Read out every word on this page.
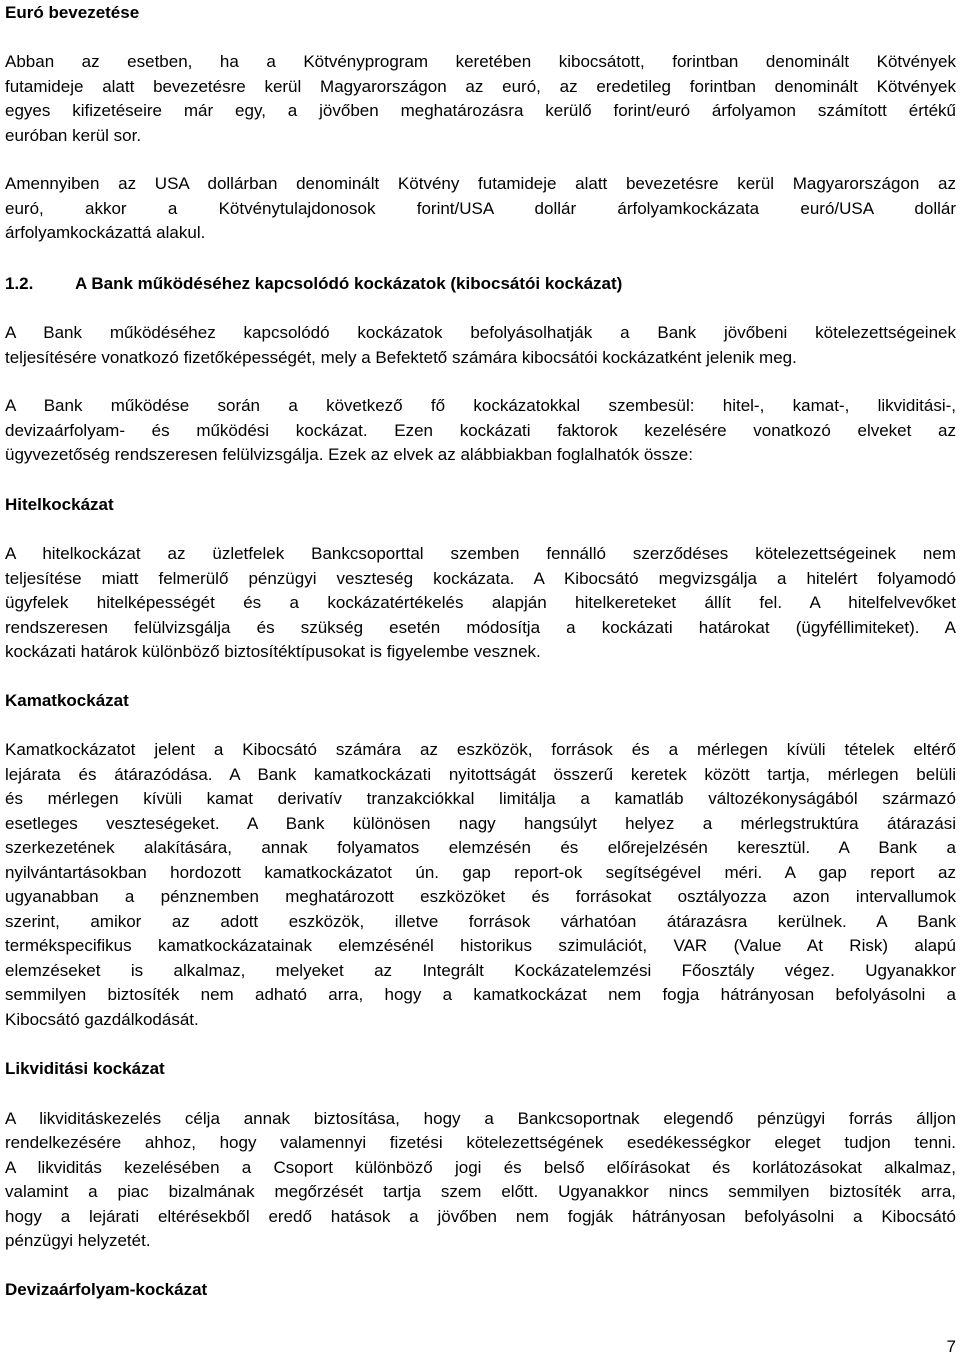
Euró bevezetése

Abban az esetben, ha a Kötvényprogram keretében kibocsátott, forintban denominált Kötvények

futamideje alatt bevezetésre kerül Magyarországon az euró, az eredetileg forintban denominált Kötvények

egyes kifizetéseire már egy, a jövőben meghatározásra kerülő forint/euró árfolyamon számított értékű

euróban kerül sor.

Amennyiben az USA dollárban denominált Kötvény futamideje alatt bevezetésre kerül Magyarországon az

euró, akkor a Kötvénytulajdonosok forint/USA dollár árfolyamkockázata euró/USA dollár

árfolyamkockázattá alakul.

1.2.	A Bank működéséhez kapcsolódó kockázatok (kibocsátói kockázat)

A Bank működéséhez kapcsolódó kockázatok befolyásolhatják a Bank jövőbeni kötelezettségeinek

teljesítésére vonatkozó fizetőképességét, mely a Befektető számára kibocsátói kockázatként jelenik meg.

A Bank működése során a következő fő kockázatokkal szembesül: hitel-, kamat-, likviditási-,

devizaárfolyam- és működési kockázat. Ezen kockázati faktorok kezelésére vonatkozó elveket az

ügyvezetőség rendszeresen felülvizsgálja. Ezek az elvek az alábbiakban foglalhatók össze:

Hitelkockázat

A hitelkockázat az üzletfelek Bankcsoporttal szemben fennálló szerződéses kötelezettségeinek nem

teljesítése miatt felmerülő pénzügyi veszteség kockázata. A Kibocsátó megvizsgálja a hitelért folyamodó

ügyfelek hitelképességét és a kockázatértékelés alapján hitelkereteket állít fel. A hitelfelvevőket

rendszeresen felülvizsgálja és szükség esetén módosítja a kockázati határokat (ügyféllimiteket). A

kockázati határok különböző biztosítéktípusokat is figyelembe vesznek.

Kamatkockázat

Kamatkockázatot jelent a Kibocsátó számára az eszközök, források és a mérlegen kívüli tételek eltérő

lejárata és átárazódása. A Bank kamatkockázati nyitottságát összerű keretek között tartja, mérlegen belüli

és mérlegen kívüli kamat derivatív tranzakciókkal limitálja a kamatláb változékonyságából származó

esetleges veszteségeket. A Bank különösen nagy hangsúlyt helyez a mérlegstruktúra átárazási

szerkezetének alakítására, annak folyamatos elemzésén és előrejelzésén keresztül. A Bank a

nyilvántartásokban hordozott kamatkockázatot ún. gap report-ok segítségével méri. A gap report az

ugyanabban a pénznemben meghatározott eszközöket és forrásokat osztályozza azon intervallumok

szerint, amikor az adott eszközök, illetve források várhatóan átárazásra kerülnek. A Bank

termékspecifikus kamatkockázatainak elemzésénél historikus szimulációt, VAR (Value At Risk) alapú

elemzéseket is alkalmaz, melyeket az Integrált Kockázatelemzési Főosztály végez. Ugyanakkor

semmilyen biztosíték nem adható arra, hogy a kamatkockázat nem fogja hátrányosan befolyásolni a

Kibocsátó gazdálkodását.

Likviditási kockázat

A likviditáskezelés célja annak biztosítása, hogy a Bankcsoportnak elegendő pénzügyi forrás álljon

rendelkezésére ahhoz, hogy valamennyi fizetési kötelezettségének esedékességkor eleget tudjon tenni.

A likviditás kezelésében a Csoport különböző jogi és belső előírásokat és korlátozásokat alkalmaz,

valamint a piac bizalmának megőrzését tartja szem előtt. Ugyanakkor nincs semmilyen biztosíték arra,

hogy a lejárati eltérésekből eredő hatások a jövőben nem fogják hátrányosan befolyásolni a Kibocsátó

pénzügyi helyzetét.

Devizaárfolyam-kockázat
7
